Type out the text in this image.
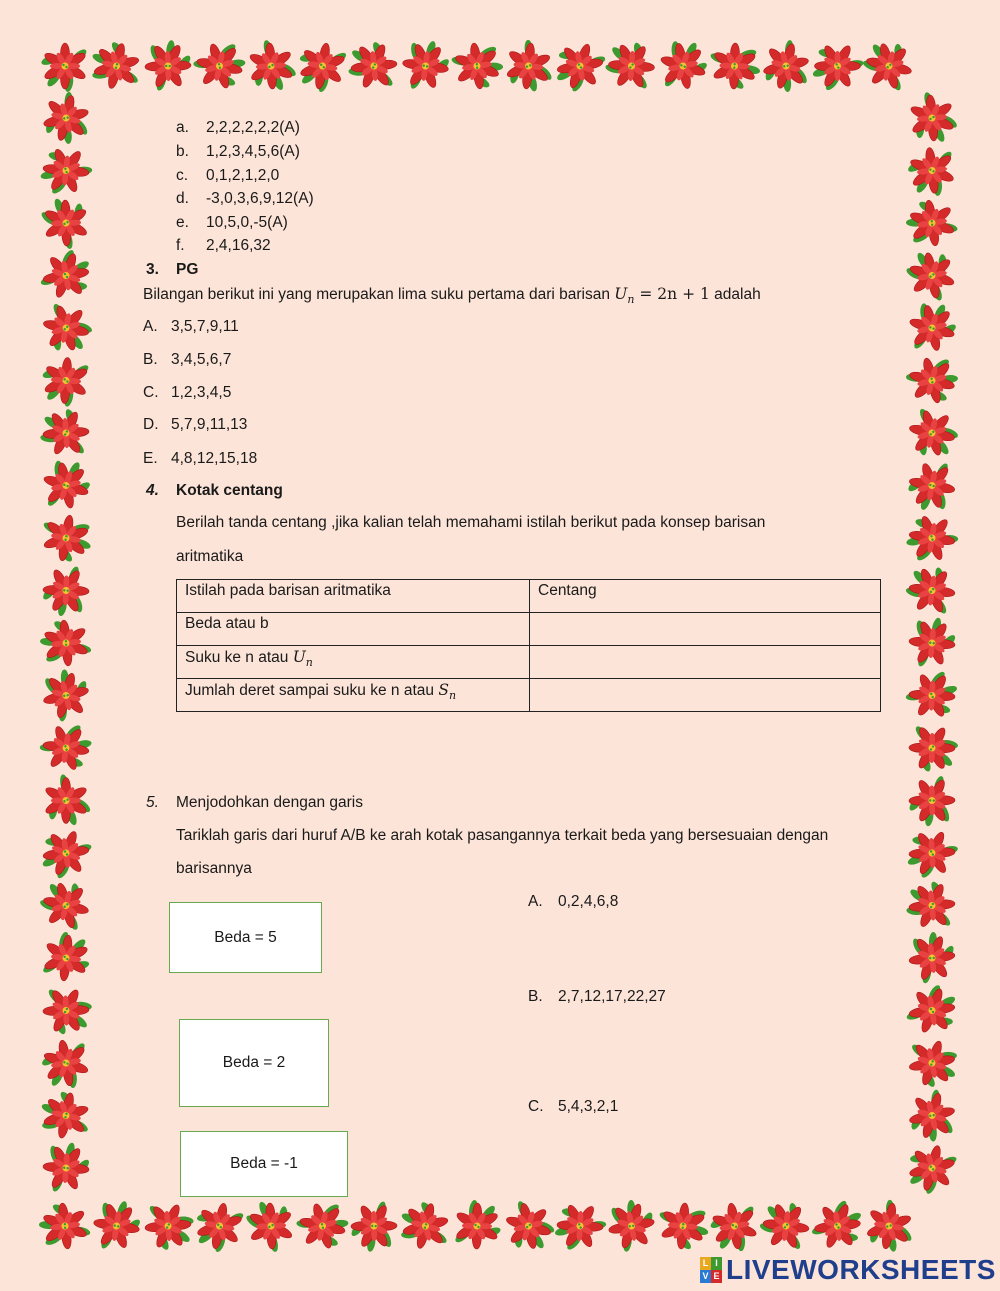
a. 2,2,2,2,2,2(A)
b. 1,2,3,4,5,6(A)
c. 0,1,2,1,2,0
d. -3,0,3,6,9,12(A)
e. 10,5,0,-5(A)
f. 2,4,16,32
3. PG
Bilangan berikut ini yang merupakan lima suku pertama dari barisan $U_n = 2n + 1$ adalah
A. 3,5,7,9,11
B. 3,4,5,6,7
C. 1,2,3,4,5
D. 5,7,9,11,13
E. 4,8,12,15,18
4. Kotak centang
Berilah tanda centang ,jika kalian telah memahami istilah berikut pada konsep barisan
aritmatika
Istilah pada barisan aritmatika	Centang
Beda atau b	
Suku ke n atau $U_n$	
Jumlah deret sampai suku ke n atau $S_n$	
5. Menjodohkan dengan garis
Tariklah garis dari huruf A/B ke arah kotak pasangannya terkait beda yang bersesuaian dengan
barisannya
Beda = 5
Beda = 2
Beda = -1
A. 0,2,4,6,8
B. 2,7,12,17,22,27
C. 5,4,3,2,1
L I
V E LIVEWORKSHEETS
